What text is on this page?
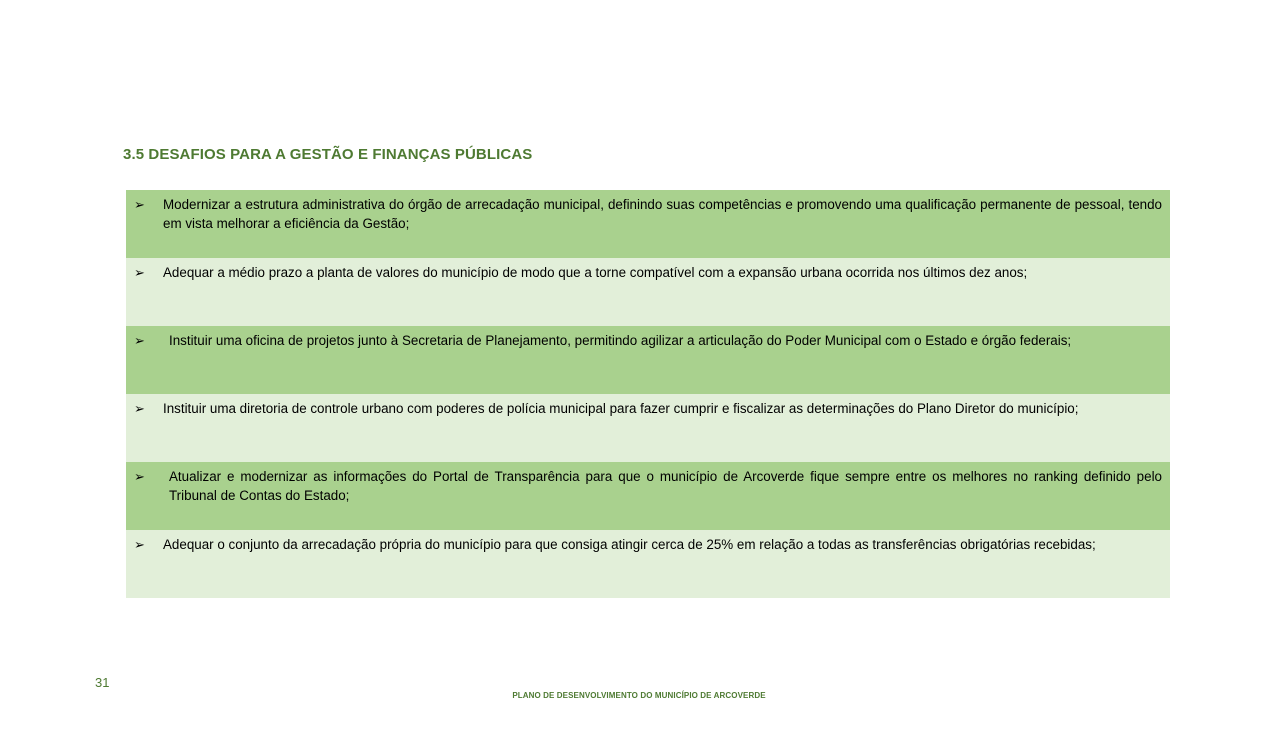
3.5 DESAFIOS PARA A GESTÃO E FINANÇAS PÚBLICAS
➢ Modernizar a estrutura administrativa do órgão de arrecadação municipal, definindo suas competências e promovendo uma qualificação permanente de pessoal, tendo em vista melhorar a eficiência da Gestão;
➢ Adequar a médio prazo a planta de valores do município de modo que a torne compatível com a expansão urbana ocorrida nos últimos dez anos;
➢ Instituir uma oficina de projetos junto à Secretaria de Planejamento, permitindo agilizar a articulação do Poder Municipal com o Estado e órgão federais;
➢ Instituir uma diretoria de controle urbano com poderes de polícia municipal para fazer cumprir e fiscalizar as determinações do Plano Diretor do município;
➢ Atualizar e modernizar as informações do Portal de Transparência para que o município de Arcoverde fique sempre entre os melhores no ranking definido pelo Tribunal de Contas do Estado;
➢ Adequar o conjunto da arrecadação própria do município para que consiga atingir cerca de 25% em relação a todas as transferências obrigatórias recebidas;
31
PLANO DE DESENVOLVIMENTO DO MUNICÍPIO DE ARCOVERDE
